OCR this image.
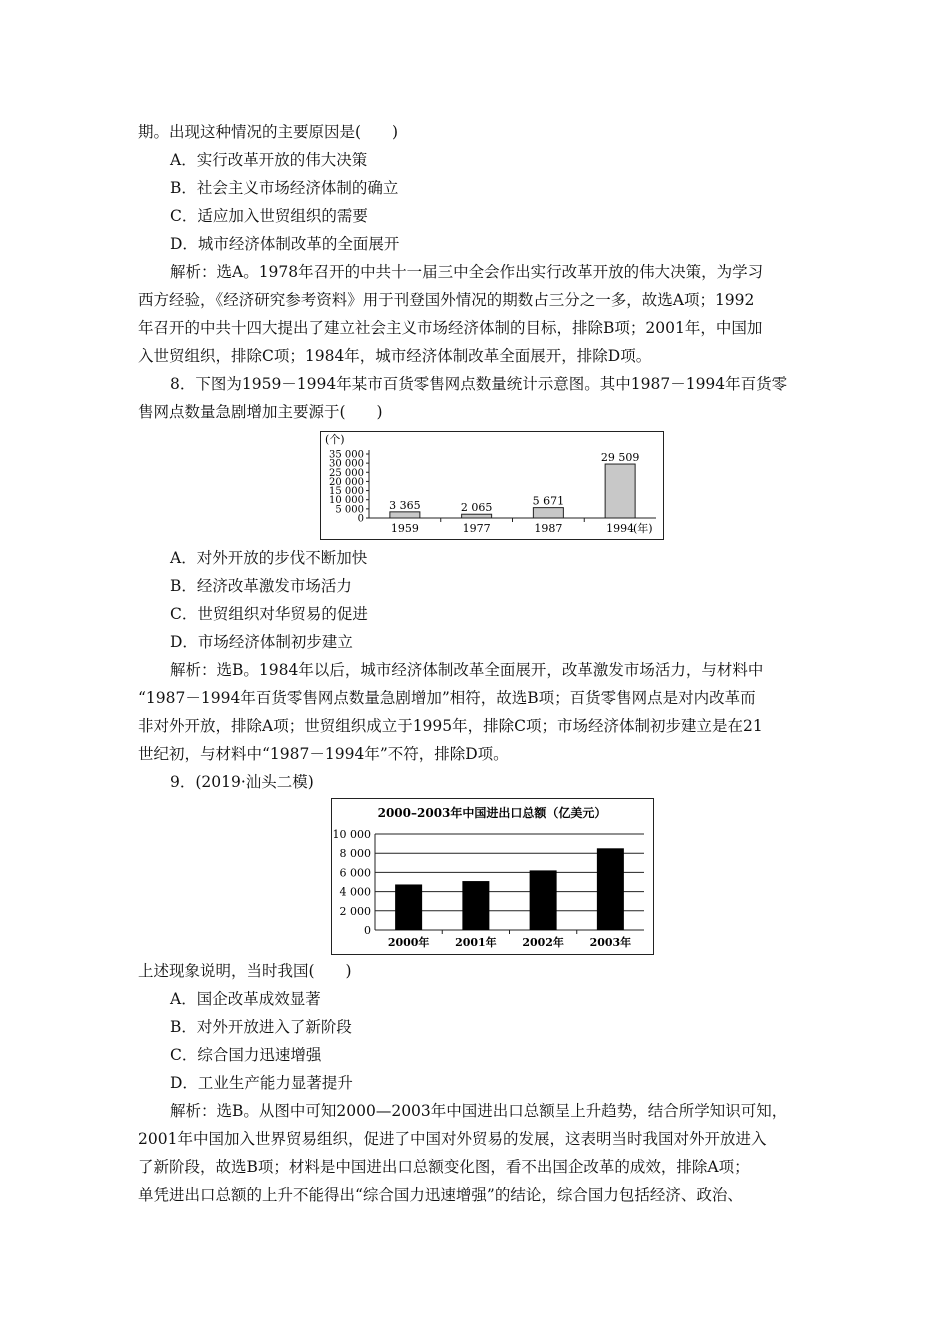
期。出现这种情况的主要原因是(　　)
A．实行改革开放的伟大决策
B．社会主义市场经济体制的确立
C．适应加入世贸组织的需要
D．城市经济体制改革的全面展开
解析：选A。1978年召开的中共十一届三中全会作出实行改革开放的伟大决策，为学习
西方经验，《经济研究参考资料》用于刊登国外情况的期数占三分之一多，故选A项；1992
年召开的中共十四大提出了建立社会主义市场经济体制的目标，排除B项；2001年，中国加
入世贸组织，排除C项；1984年，城市经济体制改革全面展开，排除D项。
8．下图为1959－1994年某市百货零售网点数量统计示意图。其中1987－1994年百货零
售网点数量急剧增加主要源于(　　)
(个)
35 000
30 000
25 000
20 000
15 000
10 000
5 000
0
3 365
1959
2 065
1977
5 671
1987
29 509
1994
(年)
A．对外开放的步伐不断加快
B．经济改革激发市场活力
C．世贸组织对华贸易的促进
D．市场经济体制初步建立
解析：选B。1984年以后，城市经济体制改革全面展开，改革激发市场活力，与材料中
“1987－1994年百货零售网点数量急剧增加”相符，故选B项；百货零售网点是对内改革而
非对外开放，排除A项；世贸组织成立于1995年，排除C项；市场经济体制初步建立是在21
世纪初，与材料中“1987－1994年”不符，排除D项。
9．(2019·汕头二模)
2000–2003年中国进出口总额（亿美元）
10 000
8 000
6 000
4 000
2 000
0
2000年 2001年 2002年 2003年
上述现象说明，当时我国(　　)
A．国企改革成效显著
B．对外开放进入了新阶段
C．综合国力迅速增强
D．工业生产能力显著提升
解析：选B。从图中可知2000—2003年中国进出口总额呈上升趋势，结合所学知识可知，
2001年中国加入世界贸易组织，促进了中国对外贸易的发展，这表明当时我国对外开放进入
了新阶段，故选B项；材料是中国进出口总额变化图，看不出国企改革的成效，排除A项；
单凭进出口总额的上升不能得出“综合国力迅速增强”的结论，综合国力包括经济、政治、
